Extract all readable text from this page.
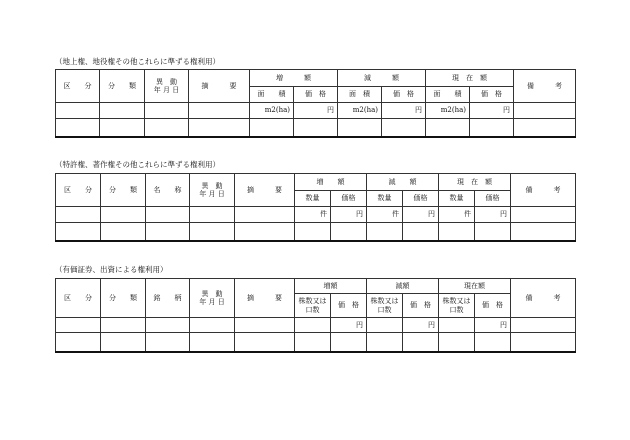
（地上権、地役権その他これらに準ずる権利用）
区　　分	分　　類	異　動
年 月 日	摘　　　要	増　　　額		減　　　額		現　在　額		備　　　考
				面　　積	価　格	面　積	価　格	面　　積	価　格	
				m2(ha)	円	m2(ha)	円	m2(ha)	円	

（特許権、著作権その他これらに準ずる権利用）
区　　分	分　　類	名　　称	異　動
年 月 日	摘　　　要	増　　額		減　　額		現　在　額		備　　　考
					数量	価格	数量	価格	数量	価格	
					件	円	件	円	件	円	

（有価証券、出資による権利用）
区　　分	分　　類	銘　　柄	異　動
年 月 日	摘　　　要	増額		減額		現在額		備　　　考
					株数又は口数	価　格	株数又は口数	価　格	株数又は口数	価　格	
						円		円		円	
